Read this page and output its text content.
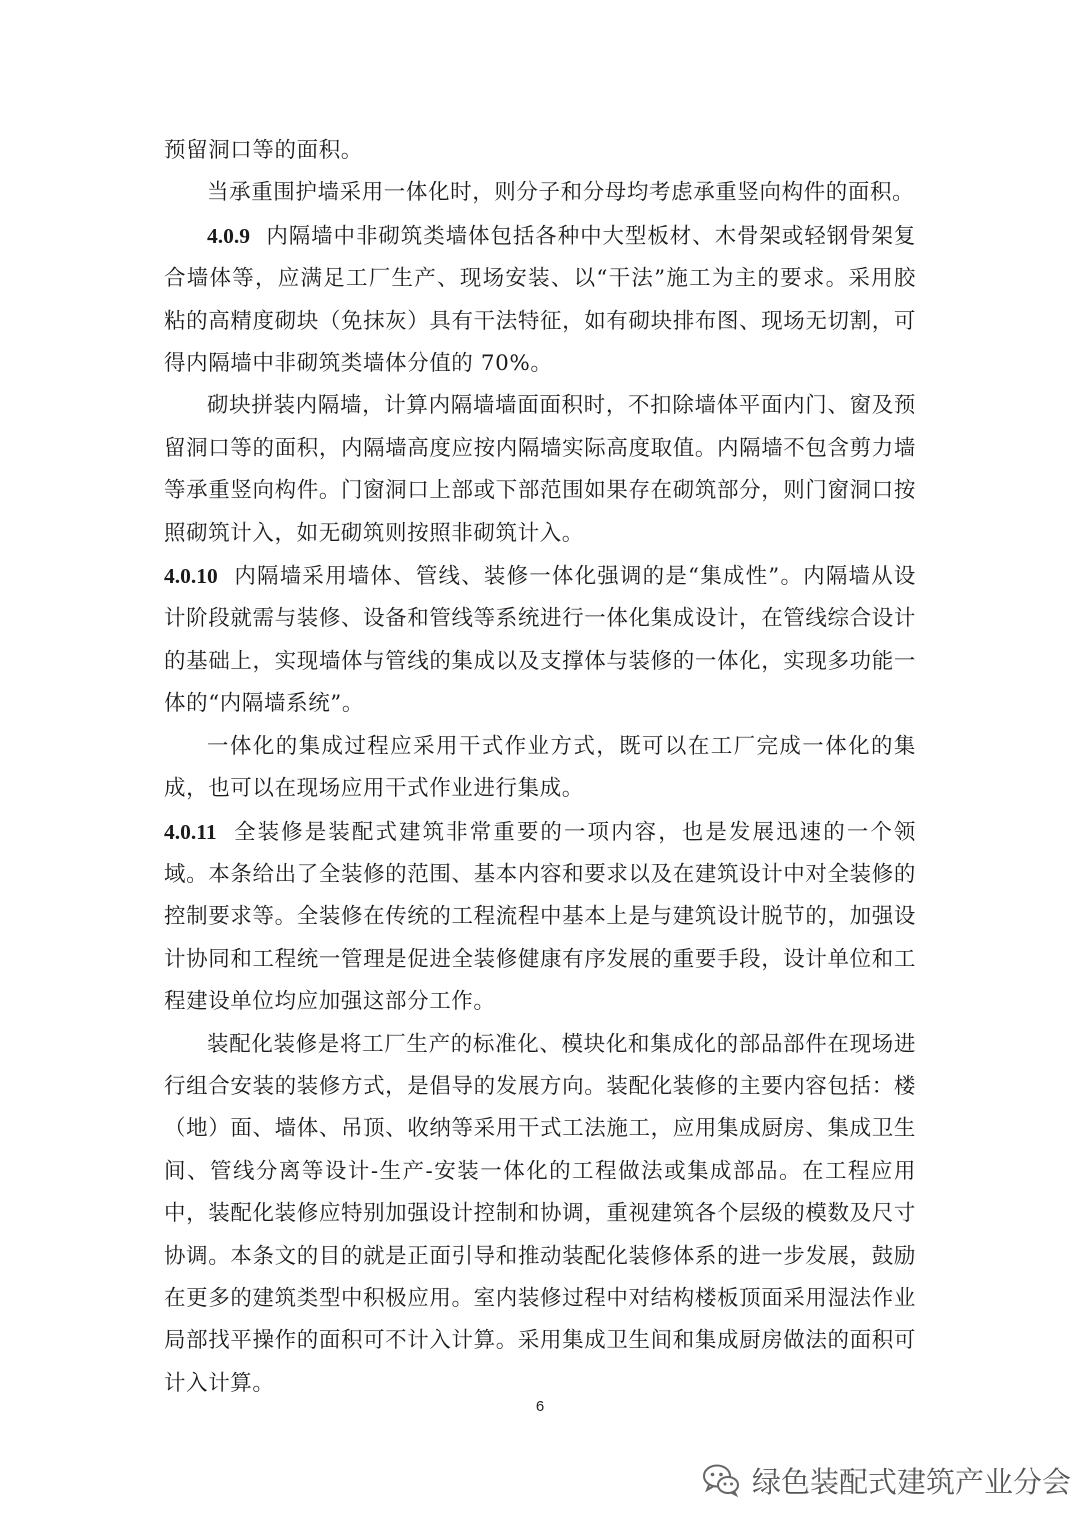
预留洞口等的面积。

当承重围护墙采用一体化时，则分子和分母均考虑承重竖向构件的面积。

4.0.9 内隔墙中非砌筑类墙体包括各种中大型板材、木骨架或轻钢骨架复合墙体等，应满足工厂生产、现场安装、以“干法”施工为主的要求。采用胶粘的高精度砌块（免抹灰）具有干法特征，如有砌块排布图、现场无切割，可得内隔墙中非砌筑类墙体分值的 70%。

砌块拼装内隔墙，计算内隔墙墙面面积时，不扣除墙体平面内门、窗及预留洞口等的面积，内隔墙高度应按内隔墙实际高度取值。内隔墙不包含剪力墙等承重竖向构件。门窗洞口上部或下部范围如果存在砌筑部分，则门窗洞口按照砌筑计入，如无砌筑则按照非砌筑计入。

4.0.10 内隔墙采用墙体、管线、装修一体化强调的是“集成性”。内隔墙从设计阶段就需与装修、设备和管线等系统进行一体化集成设计，在管线综合设计的基础上，实现墙体与管线的集成以及支撑体与装修的一体化，实现多功能一体的“内隔墙系统”。

一体化的集成过程应采用干式作业方式，既可以在工厂完成一体化的集成，也可以在现场应用干式作业进行集成。

4.0.11 全装修是装配式建筑非常重要的一项内容，也是发展迅速的一个领域。本条给出了全装修的范围、基本内容和要求以及在建筑设计中对全装修的控制要求等。全装修在传统的工程流程中基本上是与建筑设计脱节的，加强设计协同和工程统一管理是促进全装修健康有序发展的重要手段，设计单位和工程建设单位均应加强这部分工作。

装配化装修是将工厂生产的标准化、模块化和集成化的部品部件在现场进行组合安装的装修方式，是倡导的发展方向。装配化装修的主要内容包括：楼（地）面、墙体、吊顶、收纳等采用干式工法施工，应用集成厨房、集成卫生间、管线分离等设计-生产-安装一体化的工程做法或集成部品。在工程应用中，装配化装修应特别加强设计控制和协调，重视建筑各个层级的模数及尺寸协调。本条文的目的就是正面引导和推动装配化装修体系的进一步发展，鼓励在更多的建筑类型中积极应用。室内装修过程中对结构楼板顶面采用湿法作业局部找平操作的面积可不计入计算。采用集成卫生间和集成厨房做法的面积可计入计算。

6
绿色装配式建筑产业分会
